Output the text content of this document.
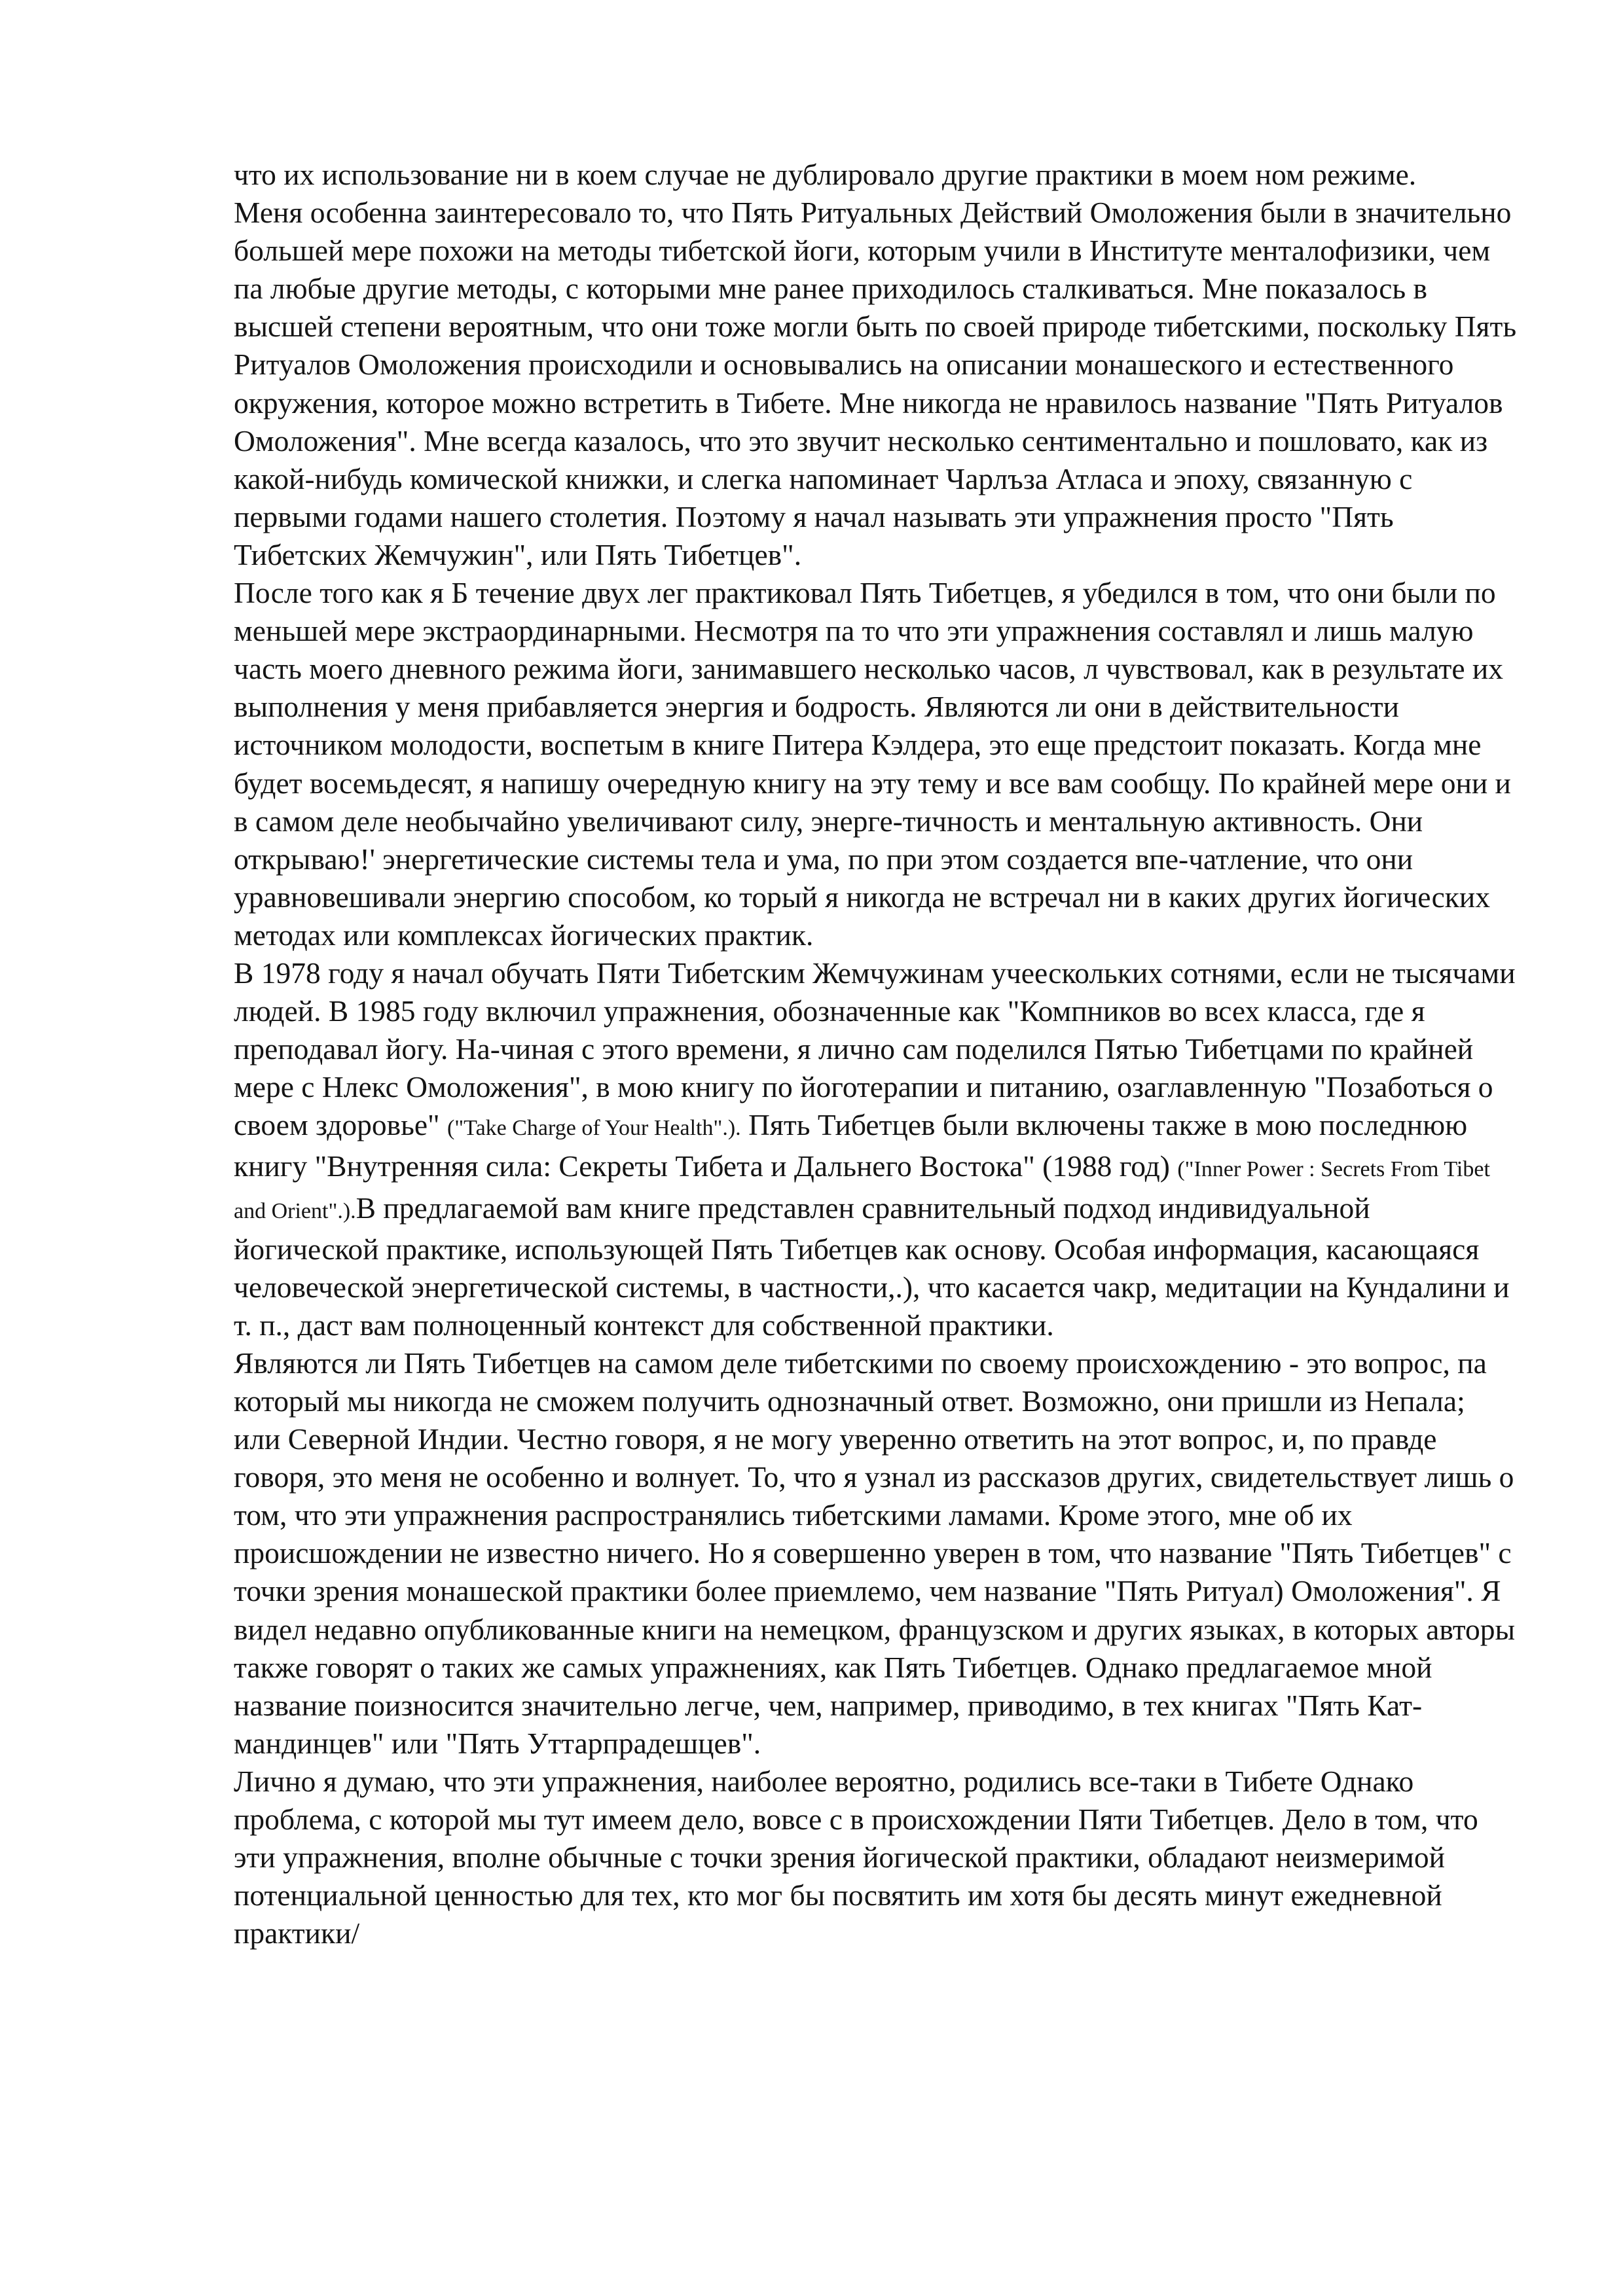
что их использование ни в коем случае не дублировало другие практики в моем ном режиме.

Меня особенна заинтересовало то, что Пять Ритуальных Действий Омоложения были в значительно большей мере похожи на методы тибетской йоги, которым учили в Институте менталофизики, чем па любые другие методы, с которыми мне ранее приходилось сталкиваться. Мне показалось в высшей степени вероятным, что они тоже могли быть по своей природе тибетскими, поскольку Пять Ритуалов Омоложения происходили и основывались на описании монашеского и естественного окружения, которое можно встретить в Тибете. Мне никогда не нравилось название "Пять Ритуалов Омоложения". Мне всегда казалось, что это звучит несколько сентиментально и пошловато, как из какой-нибудь комической книжки, и слегка напоминает Чарлъза Атласа и эпоху, связанную с первыми годами нашего столетия. Поэтому я начал называть эти упражнения просто "Пять Тибетских Жемчужин", или Пять Тибетцев".

После того как я Б течение двух лег практиковал Пять Тибетцев, я убедился в том, что они были по меньшей мере экстраординарными. Несмотря па то что эти упражнения составлял и лишь малую часть моего дневного режима йоги, занимавшего несколько часов, л чувствовал, как в результате их выполнения у меня прибавляется энергия и бодрость. Являются ли они в действительности источником молодости, воспетым в книге Питера Кэлдера, это еще предстоит показать. Когда мне будет восемьдесят, я напишу очередную книгу на эту тему и все вам сообщу. По крайней мере они и в самом деле необычайно увеличивают силу, энерге-тичность и ментальную активность. Они открываю!' энергетические системы тела и ума, по при этом создается впе-чатление, что они уравновешивали энергию способом, ко торый я никогда не встречал ни в каких других йогических методах или комплексах йогических практик.

В 1978 году я начал обучать Пяти Тибетским Жемчужинам учеескольких сотнями, если не тысячами людей. В 1985 году включил упражнения, обозначенные как "Компников во всех класса, где я преподавал йогу. На-чиная с этого времени, я лично сам поделился Пятью Тибетцами по крайней мере с Нлекс Омоложения", в мою книгу по йоготерапии и питанию, озаглавленную "Позаботься о своем здоровье" ("Take Charge of Your Health".). Пять Тибетцев были включены также в мою последнюю книгу "Внутренняя сила: Секреты Тибета и Дальнего Востока" (1988 год) ("Inner Power : Secrets From Tibet and Orient".).В предлагаемой вам книге представлен сравнительный подход индивидуальной йогической практике, использующей Пять Тибетцев как основу. Особая информация, касающаяся человеческой энергетической системы, в частности,.), что касается чакр, медитации на Кундалини и т. п., даст вам полноценный контекст для собственной практики.

Являются ли Пять Тибетцев на самом деле тибетскими по своему происхождению - это вопрос, па который мы никогда не сможем получить однозначный ответ. Возможно, они пришли из Непала; или Северной Индии. Честно говоря, я не могу уверенно ответить на этот вопрос, и, по правде говоря, это меня не особенно и волнует. То, что я узнал из рассказов других, свидетельствует лишь о том, что эти упражнения распространялись тибетскими ламами. Кроме этого, мне об их происшождении не известно ничего. Но я совершенно уверен в том, что название "Пять Тибетцев" с точки зрения монашеской практики более приемлемо, чем название "Пять Ритуал) Омоложения". Я видел недавно опубликованные книги на немецком, французском и других языках, в которых авторы также говорят о таких же самых упражнениях, как Пять Тибетцев. Однако предлагаемое мной название поизносится значительно легче, чем, например, приводимо, в тех книгах "Пять Кат-мандинцев" или "Пять Уттарпрадешцев".

Лично я думаю, что эти упражнения, наиболее вероятно, родились все-таки в Тибете Однако проблема, с которой мы тут имеем дело, вовсе с в происхождении Пяти Тибетцев. Дело в том, что эти упражнения, вполне обычные с точки зрения йогической практики, обладают неизмеримой потенциальной ценностью для тех, кто мог бы посвятить им хотя бы десять минут ежедневной практики/
